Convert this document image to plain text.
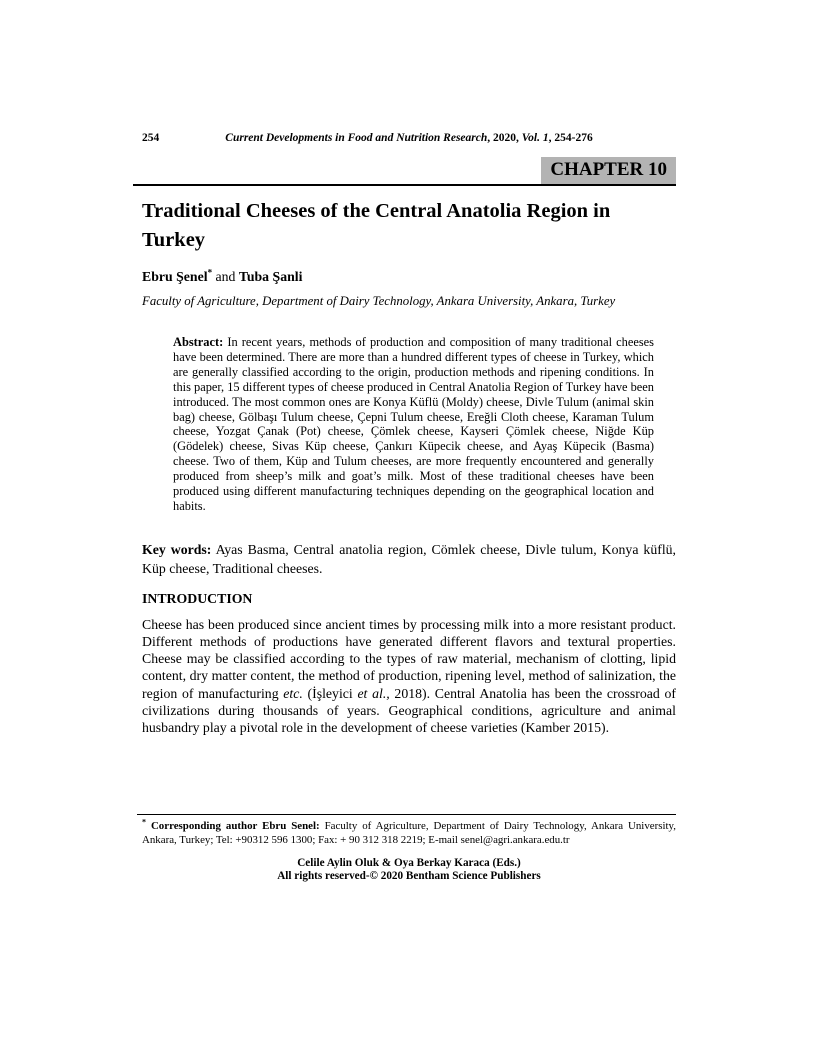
254	Current Developments in Food and Nutrition Research, 2020, Vol. 1, 254-276
CHAPTER 10
Traditional Cheeses of the Central Anatolia Region in Turkey
Ebru Şenel* and Tuba Şanli
Faculty of Agriculture, Department of Dairy Technology, Ankara University, Ankara, Turkey
Abstract: In recent years, methods of production and composition of many traditional cheeses have been determined. There are more than a hundred different types of cheese in Turkey, which are generally classified according to the origin, production methods and ripening conditions. In this paper, 15 different types of cheese produced in Central Anatolia Region of Turkey have been introduced. The most common ones are Konya Küflü (Moldy) cheese, Divle Tulum (animal skin bag) cheese, Gölbaşı Tulum cheese, Çepni Tulum cheese, Ereğli Cloth cheese, Karaman Tulum cheese, Yozgat Çanak (Pot) cheese, Çömlek cheese, Kayseri Çömlek cheese, Niğde Küp (Gödelek) cheese, Sivas Küp cheese, Çankırı Küpecik cheese, and Ayaş Küpecik (Basma) cheese. Two of them, Küp and Tulum cheeses, are more frequently encountered and generally produced from sheep’s milk and goat’s milk. Most of these traditional cheeses have been produced using different manufacturing techniques depending on the geographical location and habits.
Key words: Ayas Basma, Central anatolia region, Cömlek cheese, Divle tulum, Konya küflü, Küp cheese, Traditional cheeses.
INTRODUCTION
Cheese has been produced since ancient times by processing milk into a more resistant product. Different methods of productions have generated different flavors and textural properties. Cheese may be classified according to the types of raw material, mechanism of clotting, lipid content, dry matter content, the method of production, ripening level, method of salinization, the region of manufacturing etc. (İşleyici et al., 2018). Central Anatolia has been the crossroad of civilizations during thousands of years. Geographical conditions, agriculture and animal husbandry play a pivotal role in the development of cheese varieties (Kamber 2015).
* Corresponding author Ebru Senel: Faculty of Agriculture, Department of Dairy Technology, Ankara University, Ankara, Turkey; Tel: +90312 596 1300; Fax: + 90 312 318 2219; E-mail senel@agri.ankara.edu.tr
Celile Aylin Oluk & Oya Berkay Karaca (Eds.)
All rights reserved-© 2020 Bentham Science Publishers
